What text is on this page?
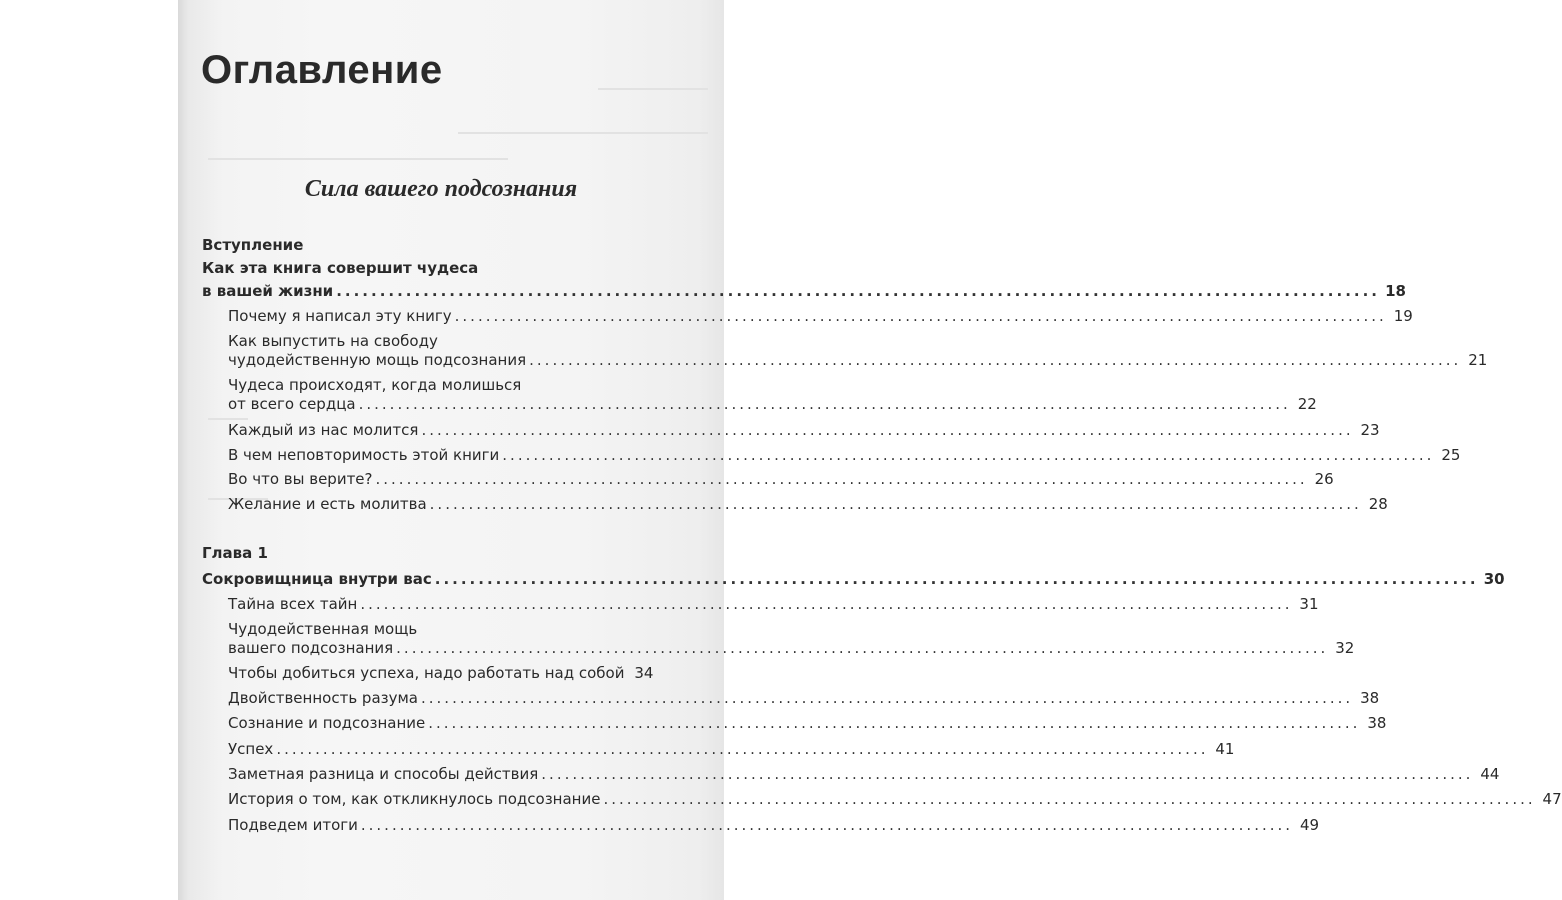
Оглавление
Сила вашего подсознания
Вступление
Как эта книга совершит чудеса
в вашей жизни ........................................................................................................................ 18
Почему я написал эту книгу ........................................................................................................................ 19
Как выпустить на свободу
чудодейственную мощь подсознания ........................................................................................................................ 21
Чудеса происходят, когда молишься
от всего сердца ........................................................................................................................ 22
Каждый из нас молится ........................................................................................................................ 23
В чем неповторимость этой книги ........................................................................................................................ 25
Во что вы верите? ........................................................................................................................ 26
Желание и есть молитва ........................................................................................................................ 28
Глава 1
Сокровищница внутри вас ........................................................................................................................ 30
Тайна всех тайн ........................................................................................................................ 31
Чудодейственная мощь
вашего подсознания ........................................................................................................................ 32
Чтобы добиться успеха, надо работать над собой 34
Двойственность разума ........................................................................................................................ 38
Сознание и подсознание ........................................................................................................................ 38
Успех ........................................................................................................................ 41
Заметная разница и способы действия ........................................................................................................................ 44
История о том, как откликнулось подсознание ........................................................................................................................ 47
Подведем итоги ........................................................................................................................ 49
